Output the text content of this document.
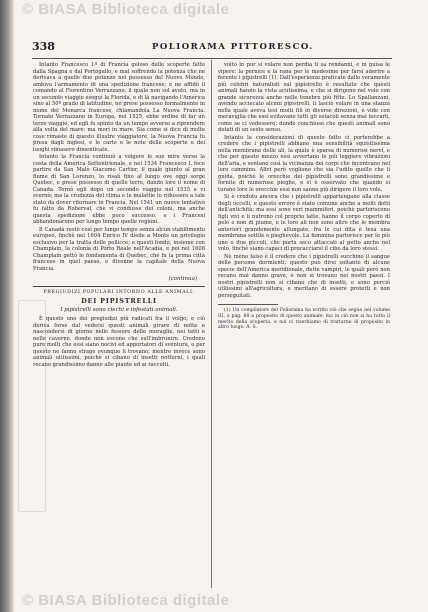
© BIASA Biblioteca digitale
338	POLIORAMA PITTORESCO.

Intanto Francesco I.º di Francia geloso delle scoperte fatte dalla Spagna e dal Portogallo, e mal soffrendo la potenza che ne derivava a quelle due potenze nel possesso del Nuovo Mondo, ambiva l'armamento di una spedizione francese; e ne affidò il comando al Fiorentino Verrazzano, il quale non sol avuto, ma in un secondo viaggio eseguì la Florida, e di là navigando l'America sino al 50º grado di latitudine, ne prese possesso formalmente in nome del Monarca francese, chiamandola La Nuova Francia. Tornato Verrazzano in Europa, nel 1525, ebbe ordine di far un terzo viaggio, ed egli fu spinto da un tempo avverso a riprendere alla volta del mare: ma morì in mare. Sia come si dice di molte cose rimaste di questo illustre viaggiatore, la Nuova Francia fu presa dagli inglesi, e le carte e le note delle scoperte e dei luoghi rimasero dimenticate.

Intanto la Francia continuò a volgere le sue mire verso la costa della America Settentrionale, e nel 1534 Francesco I. fece partire da San Malò Giacomo Cartier, il quale giunto al gran fiume di San Lorenzo, lo risalì fino al luogo ove oggi sorge Quebec, e prese possesso di quelle terre, dando loro il nome di Canada. Tornò egli dopo un secondo viaggio nel 1535 e vi svernò; ma la crudezza del clima e le malattie lo ridussero a tale stato da dover ritornare in Francia. Nel 1541 un nuovo tentativo fu fatto da Roberval, che vi condusse dei coloni, ma anche questa spedizione ebbe poco successo, e i Francesi abbandonarono per lungo tempo quelle regioni.

Il Canadà restò così per lungo tempo senza alcun stabilimento europeo, finchè nel 1604 Enrico IV diede a Monts un privilegio esclusivo per la tratta delle pellicce; e questi fondò, insieme con Champlain, la colonia di Porto Reale nell'Acadia, e poi nel 1608 Champlain gettò le fondamenta di Quebec, che fu la prima città francese in quel paese, e divenne la capitale della Nuova Francia.

(continua)
PREGIUDIZI POPULARI INTORNO ALLE ANIMALI.
DEI PIPISTRELLI
I pipistrelli sono ciechi e infestati animali.

È questo uno dei pregiudizi più radicati fra il volgo; e ciò deriva forse dal vedersi questi animali girare di notte e nascondersi di giorno nelle fessure delle muraglie, nei tetti e nelle caverne, donde non escono che sull'imbrunire. Credono pure molti che essi siano nocivi ed apportatori di sventura, e per questo ne fanno strage ovunque li trovano; mentre invece sono animali utilissimi, poichè si cibano di insetti notturni, i quali recano grandissimo danno alle piante ed ai raccolti.

volto in pur si volare non perdia ti sa rendanni, e in guisa le vipere: la pernice e la rana per le medesime per farsi aderire a ferente i pipistrelli (1). Dall'esperienze praticate dalle veramente più celebri naturalisti sul pipistrello è resultato che questi animali hanno la vista acutissima, e che si dirigono nel volo con grande sicurezza anche nelle tenebre più fitte. Lo Spallanzani, avendo acciecato alcuni pipistrelli, li lasciò volare in una stanza nella quale aveva tesi molti fili in diverse direzioni, e vide con meraviglia che essi evitavano tutti gli ostacoli senza mai toccarli, come se ci vedessero; donde conchiuse che questi animali sono dotati di un sesto senso.

Intanto la considerazioni di questo fatto ci porterebbe a credere che i pipistrelli abbiano una sensibilità squisitissima nella membrana delle ali, la quale è sparsa di numerosi nervi, e che per questo mezzo essi avvertano le più leggiere vibrazioni dell'aria, e sentano così la vicinanza dei corpi che incontrano nel loro cammino. Altri però vogliono che sia l'udito quello che li guida, poichè le orecchie dei pipistrelli sono grandissime e fornite di numerose pieghe, e si è osservato che quando si turano loro le orecchie essi non sanno più dirigere il loro volo.

Si è creduto ancora che i pipistrelli appartengano alla classe degli uccelli, e questo errore è stato comune anche a molti dotti dell'antichità; ma essi sono veri mammiferi, poichè partoriscono figli vivi e li nutrono col proprio latte, hanno il corpo coperto di pelo e non di piume, e le loro ali non sono altro che le membra anteriori grandemente allungate, fra le cui dita è tesa una membrana sottile e pieghevole. La femmina partorisce per lo più uno o due piccoli, che porta seco attaccati al petto anche nel volo, finchè siano capaci di procacciarsi il cibo da loro stessi.

Nè meno falso è il credere che i pipistrelli succhino il sangue delle persone dormienti; questo può dirsi soltanto di alcune specie dell'America meridionale, dette vampiri, le quali però non recano mai danno grave, e non si trovano nei nostri paesi. I nostri pipistrelli non si cibano che di insetti, e sono perciò utilissimi all'agricoltura, e meritano di essere protetti e non perseguitati.

(1) Un compilatore del Poliorama ha scritto ciò che segue nel volume III, a pag. 88 a proposito di questo animale: ma in ciò non si ha tutto il merito della scoperta, e noi ci riserbiamo di trattarne di proposito in altro luogo. A. S.

© BIASA Biblioteca digitale
